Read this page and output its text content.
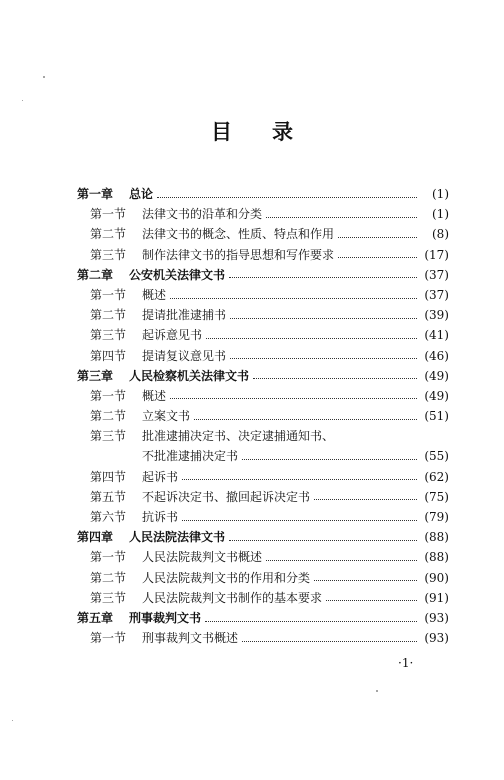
目 录
第一章	总论	(1)
第一节	法律文书的沿革和分类	(1)
第二节	法律文书的概念、性质、特点和作用	(8)
第三节	制作法律文书的指导思想和写作要求	(17)
第二章	公安机关法律文书	(37)
第一节	概述	(37)
第二节	提请批准逮捕书	(39)
第三节	起诉意见书	(41)
第四节	提请复议意见书	(46)
第三章	人民检察机关法律文书	(49)
第一节	概述	(49)
第二节	立案文书	(51)
第三节	批准逮捕决定书、决定逮捕通知书、
不批准逮捕决定书	(55)
第四节	起诉书	(62)
第五节	不起诉决定书、撤回起诉决定书	(75)
第六节	抗诉书	(79)
第四章	人民法院法律文书	(88)
第一节	人民法院裁判文书概述	(88)
第二节	人民法院裁判文书的作用和分类	(90)
第三节	人民法院裁判文书制作的基本要求	(91)
第五章	刑事裁判文书	(93)
第一节	刑事裁判文书概述	(93)
·1·
